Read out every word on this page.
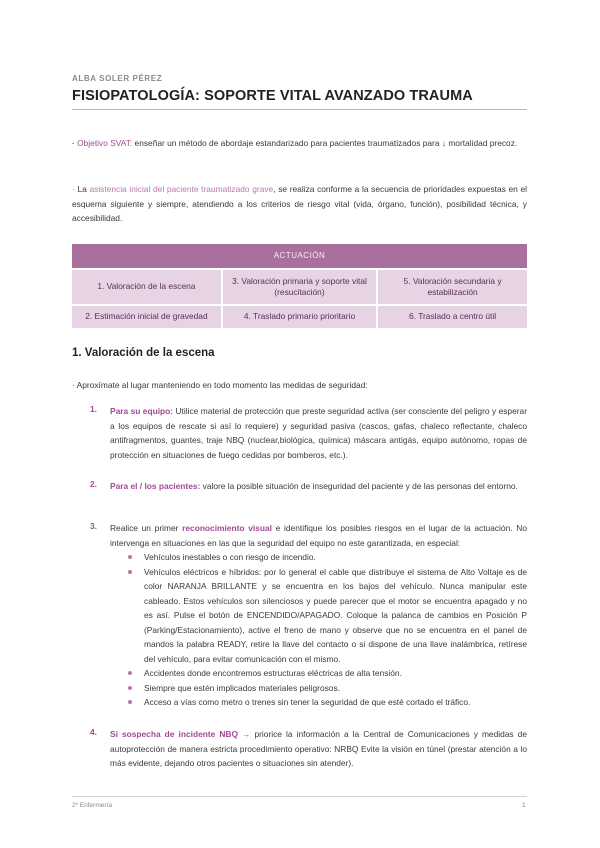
ALBA SOLER PÉREZ
FISIOPATOLOGÍA: SOPORTE VITAL AVANZADO TRAUMA

· Objetivo SVAT: enseñar un método de abordaje estandarizado para pacientes traumatizados para ↓ mortalidad precoz.

· La asistencia inicial del paciente traumatizado grave, se realiza conforme a la secuencia de prioridades expuestas en el esquema siguiente y siempre, atendiendo a los criterios de riesgo vital (vida, órgano, función), posibilidad técnica, y accesibilidad.

ACTUACIÓN		
1. Valoración de la escena	3. Valoración primaria y soporte vital (resucitación)	5. Valoración secundaria y estabilización
2. Estimación inicial de gravedad	4. Traslado primario prioritario	6. Traslado a centro útil
1. Valoración de la escena

· Aproxímate al lugar manteniendo en todo momento las medidas de seguridad:

1. Para su equipo: Utilice material de protección que preste seguridad activa (ser consciente del peligro y esperar a los equipos de rescate si así lo requiere) y seguridad pasiva (cascos, gafas, chaleco reflectante, chaleco antifragmentos, guantes, traje NBQ (nuclear,biológica, química) máscara antigás, equipo autónomo, ropas de protección en situaciones de fuego cedidas por bomberos, etc.).

2. Para el / los pacientes: valore la posible situación de inseguridad del paciente y de las personas del entorno.

3. Realice un primer reconocimiento visual e identifique los posibles riesgos en el lugar de la actuación. No intervenga en situaciones en las que la seguridad del equipo no este garantizada, en especial:

Vehículos inestables o con riesgo de incendio.
Vehículos eléctricos e híbridos: por lo general el cable que distribuye el sistema de Alto Voltaje es de color NARANJA BRILLANTE y se encuentra en los bajos del vehículo. Nunca manipular este cableado. Estos vehículos son silenciosos y puede parecer que el motor se encuentra apagado y no es así. Pulse el botón de ENCENDIDO/APAGADO. Coloque la palanca de cambios en Posición P (Parking/Estacionamiento), active el freno de mano y observe que no se encuentra en el panel de mandos la palabra READY, retire la llave del contacto o si dispone de una llave inalámbrica, retírese del vehículo, para evitar comunicación con el mismo.
Accidentes donde encontremos estructuras eléctricas de alta tensión.
Siempre que estén implicados materiales peligrosos.
Acceso a vías como metro o trenes sin tener la seguridad de que esté cortado el tráfico.
4. Si sospecha de incidente NBQ → priorice la información a la Central de Comunicaciones y medidas de autoprotección de manera estricta procedimiento operativo: NRBQ Evite la visión en túnel (prestar atención a lo más evidente, dejando otros pacientes o situaciones sin atender).

2º Enfermería	1
